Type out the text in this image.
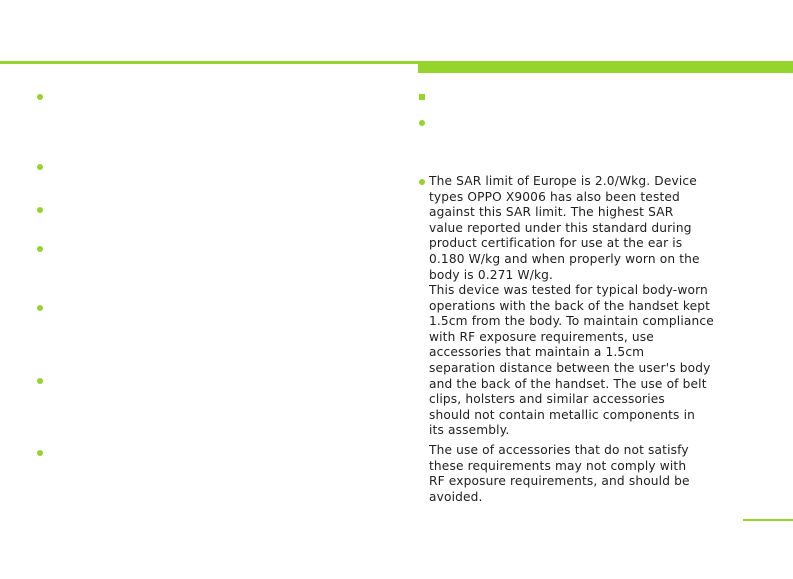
The SAR limit of Europe is 2.0/Wkg. Device
types OPPO X9006 has also been tested
against this SAR limit. The highest SAR
value reported under this standard during
product certification for use at the ear is
0.180 W/kg and when properly worn on the
body is 0.271 W/kg.
This device was tested for typical body-worn
operations with the back of the handset kept
1.5cm from the body. To maintain compliance
with RF exposure requirements, use
accessories that maintain a 1.5cm
separation distance between the user's body
and the back of the handset. The use of belt
clips, holsters and similar accessories
should not contain metallic components in
its assembly.
The use of accessories that do not satisfy
these requirements may not comply with
RF exposure requirements, and should be
avoided.
